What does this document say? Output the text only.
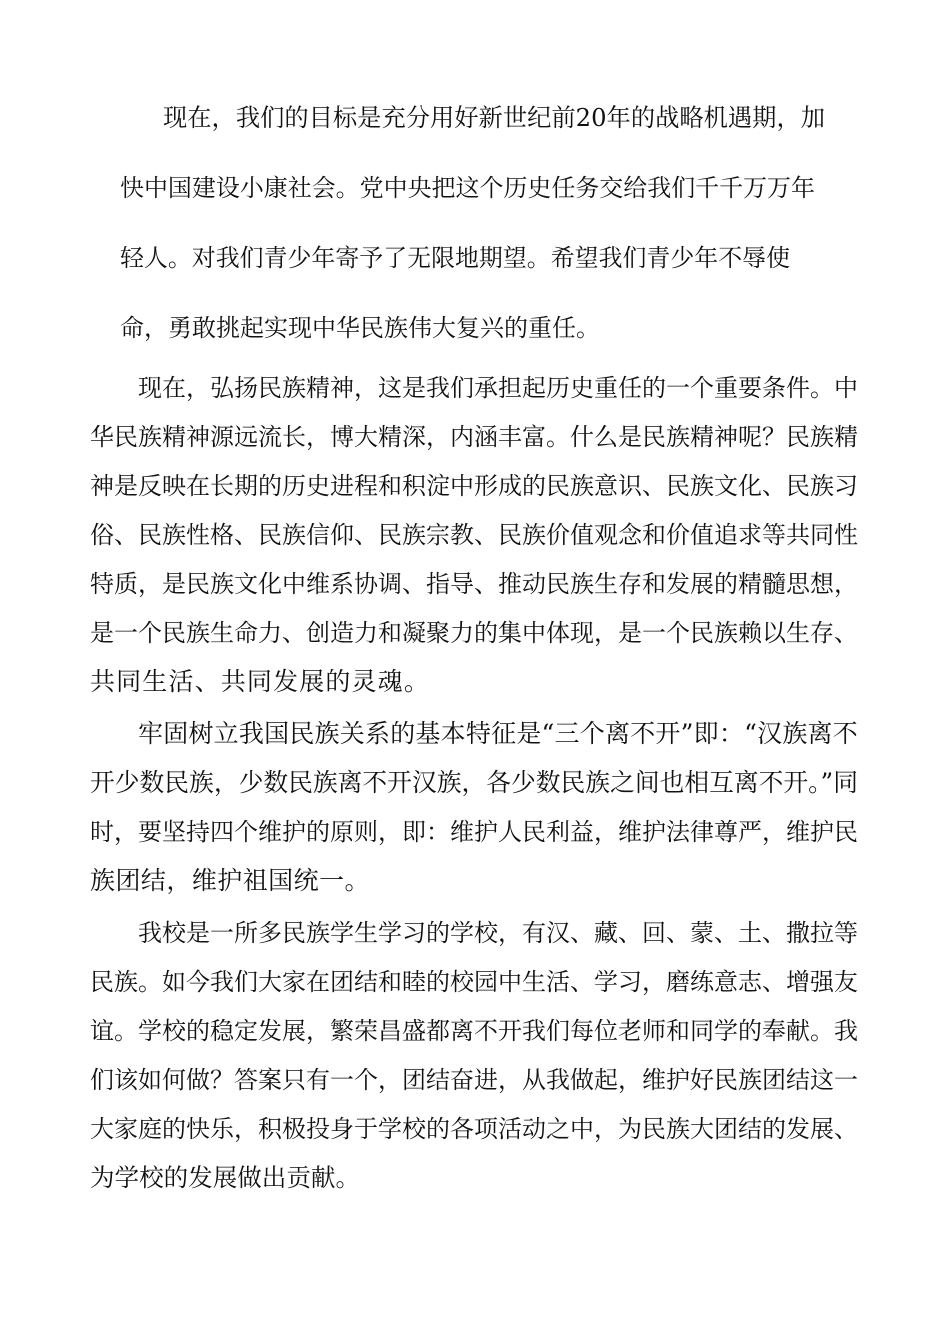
现在，我们的目标是充分用好新世纪前20年的战略机遇期，加
快中国建设小康社会。党中央把这个历史任务交给我们千千万万年
轻人。对我们青少年寄予了无限地期望。希望我们青少年不辱使
命，勇敢挑起实现中华民族伟大复兴的重任。
现在，弘扬民族精神，这是我们承担起历史重任的一个重要条件。中
华民族精神源远流长，博大精深，内涵丰富。什么是民族精神呢？民族精
神是反映在长期的历史进程和积淀中形成的民族意识、民族文化、民族习
俗、民族性格、民族信仰、民族宗教、民族价值观念和价值追求等共同性
特质，是民族文化中维系协调、指导、推动民族生存和发展的精髓思想，
是一个民族生命力、创造力和凝聚力的集中体现，是一个民族赖以生存、
共同生活、共同发展的灵魂。
牢固树立我国民族关系的基本特征是“三个离不开”即：“汉族离不
开少数民族，少数民族离不开汉族，各少数民族之间也相互离不开。”同
时，要坚持四个维护的原则，即：维护人民利益，维护法律尊严，维护民
族团结，维护祖国统一。
我校是一所多民族学生学习的学校，有汉、藏、回、蒙、土、撒拉等
民族。如今我们大家在团结和睦的校园中生活、学习，磨练意志、增强友
谊。学校的稳定发展，繁荣昌盛都离不开我们每位老师和同学的奉献。我
们该如何做？答案只有一个，团结奋进，从我做起，维护好民族团结这一
大家庭的快乐，积极投身于学校的各项活动之中，为民族大团结的发展、
为学校的发展做出贡献。
